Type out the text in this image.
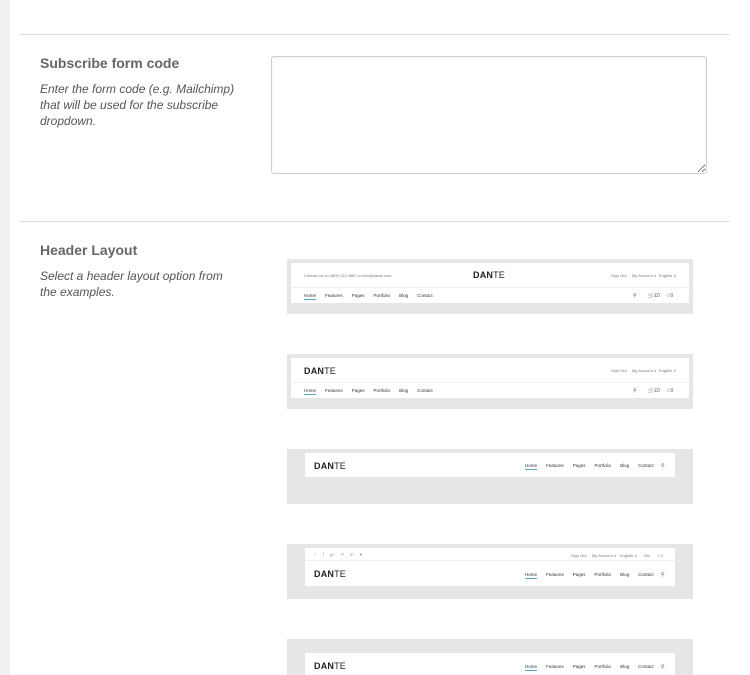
Subscribe form code
Enter the form code (e.g. Mailchimp) that will be used for the subscribe dropdown.
Header Layout
Select a header layout option from the examples.
Contact us on 0800 123 4567 or info@dante.com	DANTE	Sign Out My Account ∨ English ∨
Home Features Pages Portfolio Blog Contact	⚲ 🛒£0 ☆0
DANTE	Sign Out My Account ∨ English ∨
Home Features Pages Portfolio Blog Contact	⚲ 🛒£0 ☆0
DANTE	Home Features Pages Portfolio Blog Contact ⚲
○ f g+ P in ♥	Sign Out My Account ∨ English ∨ □£0 ☆0
DANTE	Home Features Pages Portfolio Blog Contact ⚲
DANTE	Home Features Pages Portfolio Blog Contact ⚲
